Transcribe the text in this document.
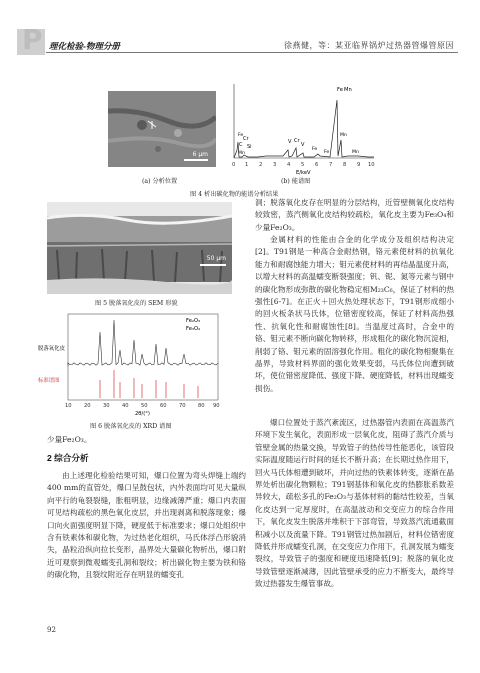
P 理化检验-物理分册	徐燕健，等：某亚临界锅炉过热器管爆管原因
6 µm
(a) 分析位置
Fe Mn
C
Cr
Si
V Cr
V
Mn
Fe
Fe
Mn
Fe	Mn
0 1 2 3 4 5 6 7 8 9 10
E/keV
(b) 能谱图
图 4 析出碳化物的能谱分析结果
50 µm
图 5 脱落氧化皮的 SEM 形貌
Fe₂O₃
Fe₃O₄
脱落氧化皮
标准谱图
10 20 30 40 50 60 70 80 90
2θ/(°)
图 6 脱落氧化皮的 XRD 谱图
少量Fe₂O₃。
2 综合分析
由上述理化检验结果可知，爆口位置为弯头焊缝上端约400 mm的直管处，爆口呈鼓包状，内外表面均可见大量纵向平行的龟裂裂缝，胀粗明显，边缘减薄严重；爆口内表面可见结构疏松的黑色氧化皮层，并出现剥离和脱落现象；爆口向火面强度明显下降，硬度低于标准要求；爆口处组织中含有铁素体和碳化物，为过热老化组织，马氏体浮凸形貌消失，晶粒沿纵向拉长变形，晶界处大量碳化物析出，爆口附近可观察到微观蠕变孔洞和裂纹；析出碳化物主要为铁和铬的碳化物，且裂纹附近存在明显的蠕变孔
洞；脱落氧化皮存在明显的分层结构，近管壁侧氧化皮结构较致密，蒸汽侧氧化皮结构较疏松，氧化皮主要为Fe₃O₄和少量Fe₂O₃。
金属材料的性能由合金的化学成分及组织结构决定[2]。T91钢是一种高合金耐热钢，铬元素使材料的抗氧化能力和耐腐蚀能力增大；钼元素使材料的再结晶温度升高，以增大材料的高温蠕变断裂强度；钒、铌、氮等元素与钢中的碳化物形成弥散的碳化物稳定相M₂₃C₆，保证了材料的热强性[6-7]。在正火＋回火热处理状态下，T91钢形成细小的回火板条状马氏体，位错密度较高，保证了材料高热强性、抗氧化性和耐腐蚀性[8]。当温度过高时，合金中的铬、钼元素不断向碳化物转移，形成粗化的碳化物沉淀相，削弱了铬、钼元素的固溶强化作用。粗化的碳化物相聚集在晶界，导致材料界面的强化效果变弱，马氏体位向遭到破坏，使位错密度降低、强度下降、硬度降低，材料出现蠕变损伤。
爆口位置处于蒸汽紊流区，过热器管内表面在高温蒸汽环境下发生氧化，表面形成一层氧化皮，阻碍了蒸汽介质与管壁金属的热量交换，导致管子的热传导性能恶化，该管段实际温度随运行时间的延长不断升高；在长期过热作用下，回火马氏体相遭到破坏，并向过热的铁素体转变，逐渐在晶界处析出碳化物颗粒；T91钢基体和氧化皮的热膨胀系数差异较大，疏松多孔的Fe₂O₃与基体材料的黏结性较差，当氧化皮达到一定厚度时，在高温波动和交变应力的综合作用下，氧化皮发生脱落并堆积于下部弯管，导致蒸汽流通截面积减小以及流量下降。T91钢管过热加剧后，材料位错密度降低并形成蠕变孔洞，在交变应力作用下，孔洞发展为蠕变裂纹，导致管子的强度和硬度迅速降低[9]；脱落的氧化皮导致管壁逐渐减薄，因此管壁承受的应力不断变大，最终导致过热器发生爆管事故。
92
